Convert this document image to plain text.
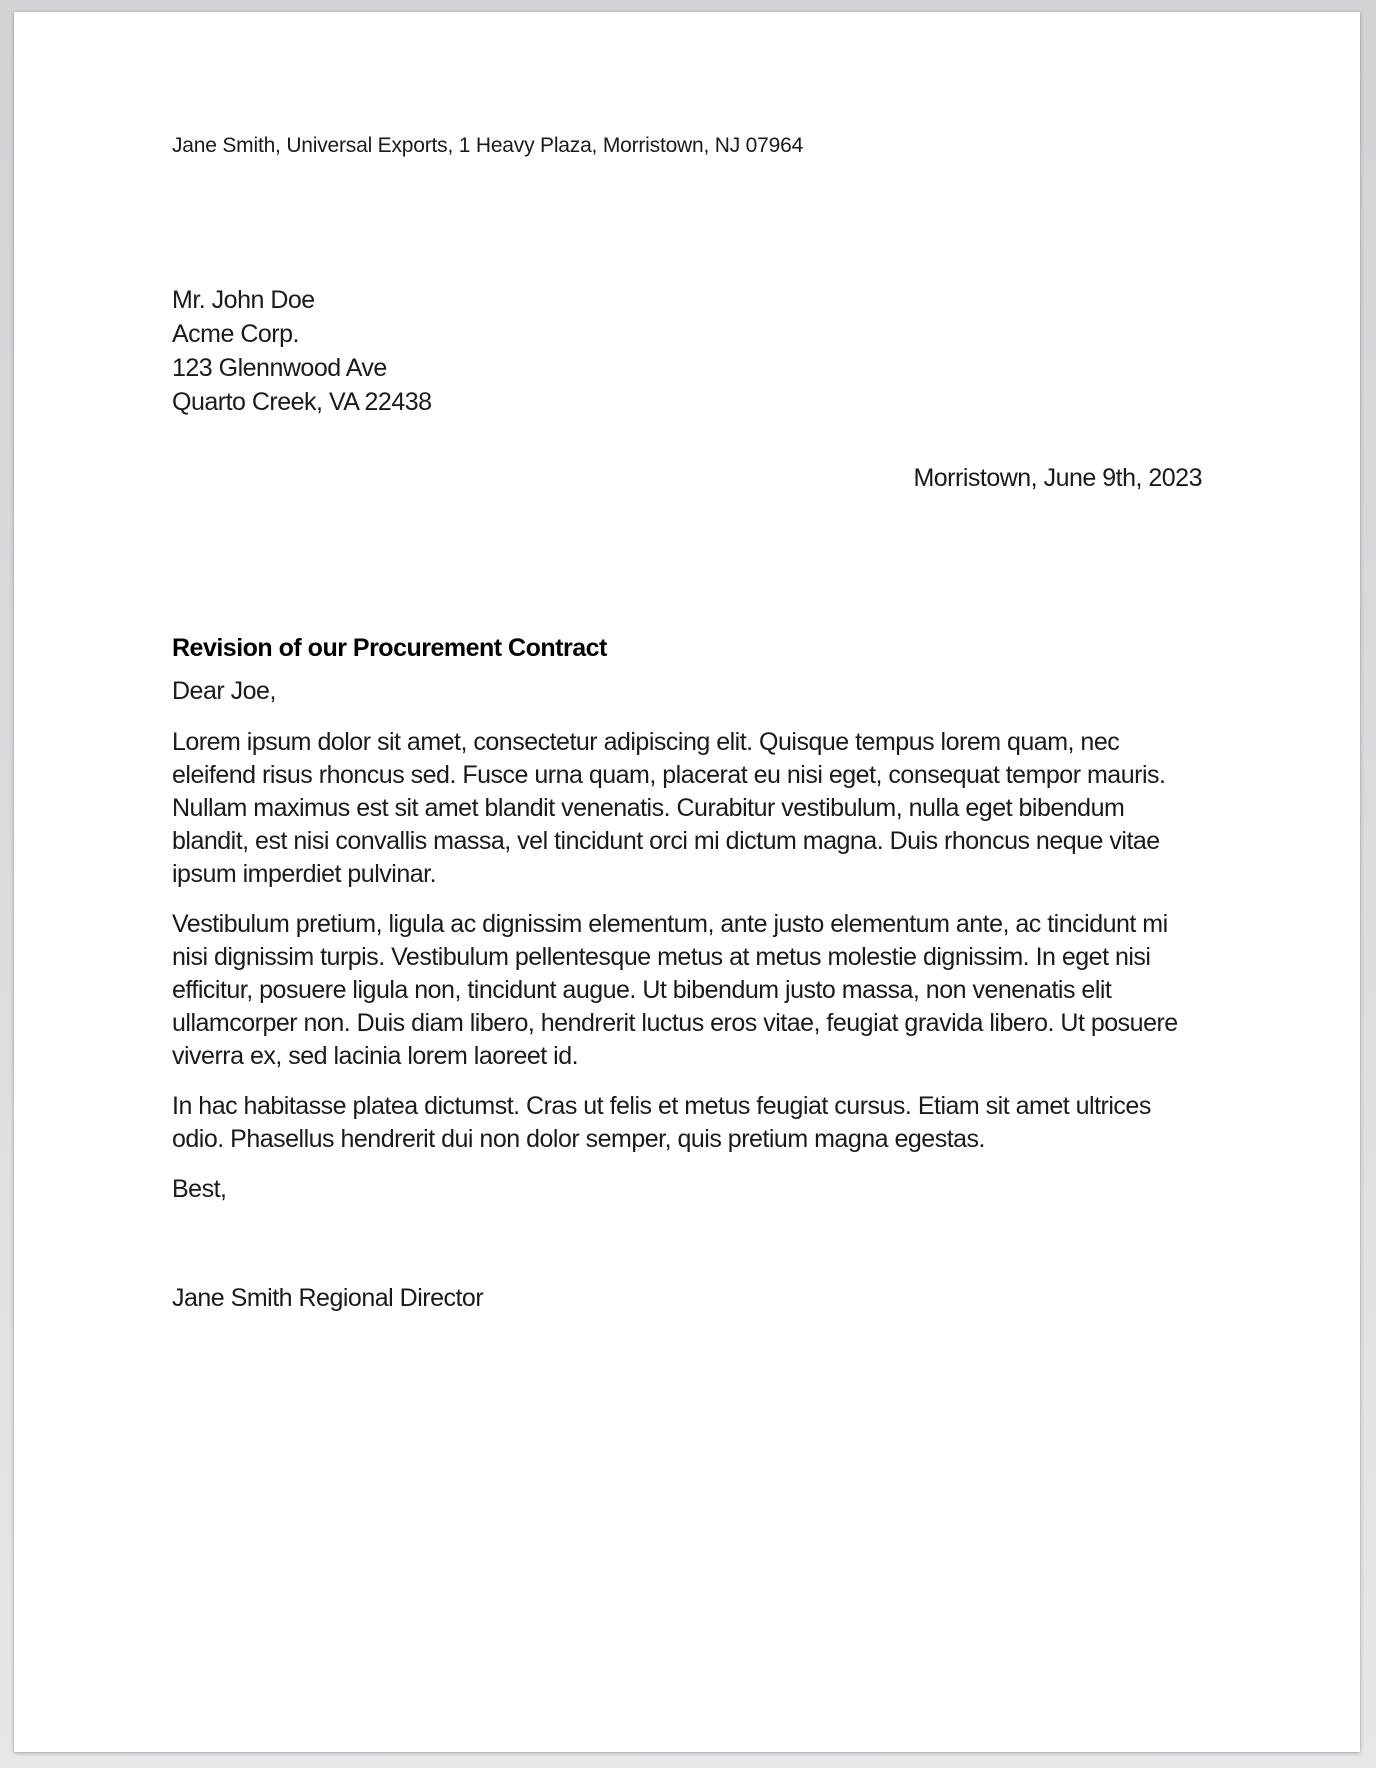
Jane Smith, Universal Exports, 1 Heavy Plaza, Morristown, NJ 07964
Mr. John Doe
Acme Corp.
123 Glennwood Ave
Quarto Creek, VA 22438
Morristown, June 9th, 2023
Revision of our Procurement Contract
Dear Joe,

Lorem ipsum dolor sit amet, consectetur adipiscing elit. Quisque tempus lorem quam, nec eleifend risus rhoncus sed. Fusce urna quam, placerat eu nisi eget, consequat tempor mauris. Nullam maximus est sit amet blandit venenatis. Curabitur vestibulum, nulla eget bibendum blandit, est nisi convallis massa, vel tincidunt orci mi dictum magna. Duis rhoncus neque vitae ipsum imperdiet pulvinar.

Vestibulum pretium, ligula ac dignissim elementum, ante justo elementum ante, ac tincidunt mi nisi dignissim turpis. Vestibulum pellentesque metus at metus molestie dignissim. In eget nisi efficitur, posuere ligula non, tincidunt augue. Ut bibendum justo massa, non venenatis elit ullamcorper non. Duis diam libero, hendrerit luctus eros vitae, feugiat gravida libero. Ut posuere viverra ex, sed lacinia lorem laoreet id.

In hac habitasse platea dictumst. Cras ut felis et metus feugiat cursus. Etiam sit amet ultrices odio. Phasellus hendrerit dui non dolor semper, quis pretium magna egestas.

Best,
Jane Smith Regional Director
